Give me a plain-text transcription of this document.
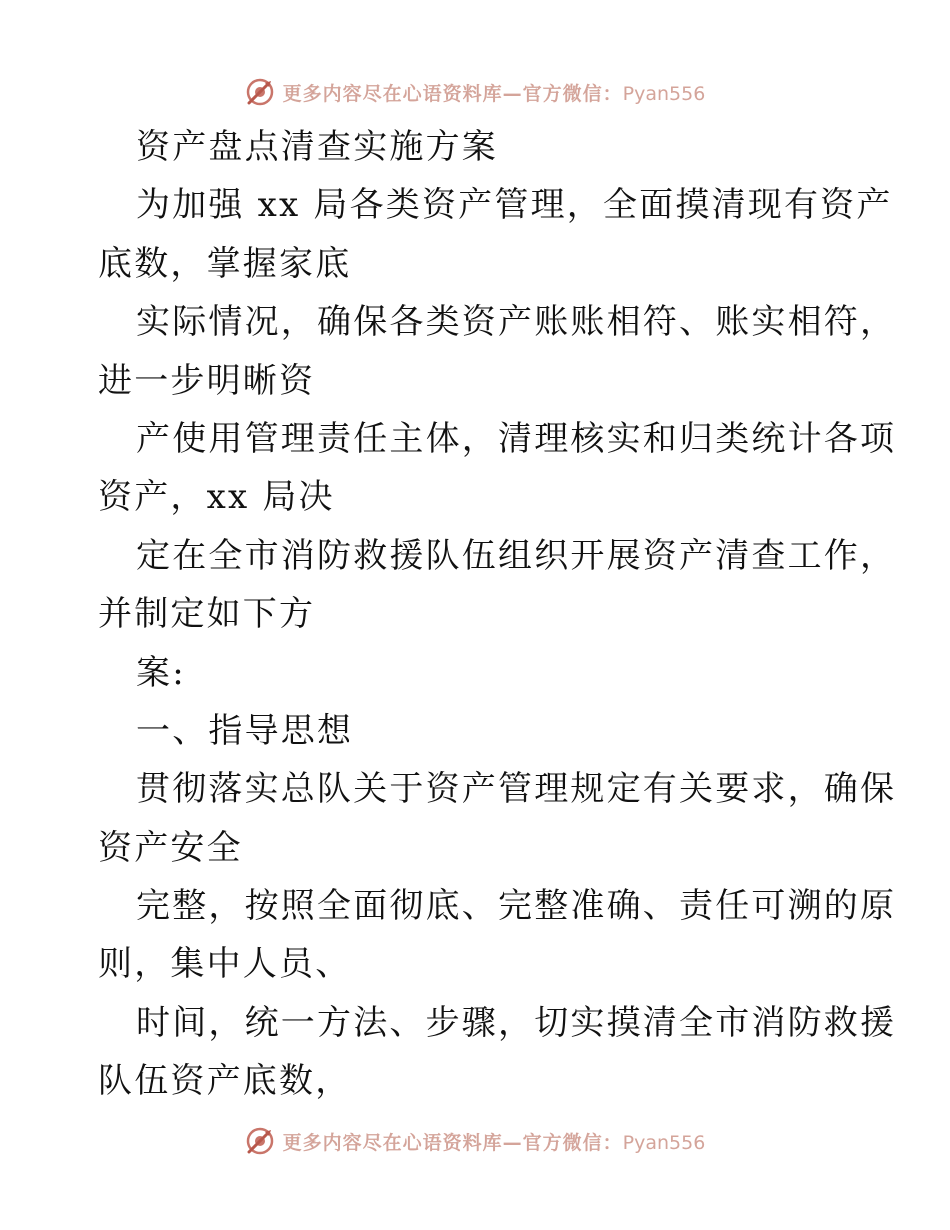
更多内容尽在心语资料库—官方微信：Pyan556
资产盘点清查实施方案
为加强 xx 局各类资产管理，全面摸清现有资产
底数，掌握家底
实际情况，确保各类资产账账相符、账实相符，
进一步明晰资
产使用管理责任主体，清理核实和归类统计各项
资产，xx 局决
定在全市消防救援队伍组织开展资产清查工作，
并制定如下方
案:
一、指导思想
贯彻落实总队关于资产管理规定有关要求，确保
资产安全
完整，按照全面彻底、完整准确、责任可溯的原
则，集中人员、
时间，统一方法、步骤，切实摸清全市消防救援
队伍资产底数，
更多内容尽在心语资料库—官方微信：Pyan556
